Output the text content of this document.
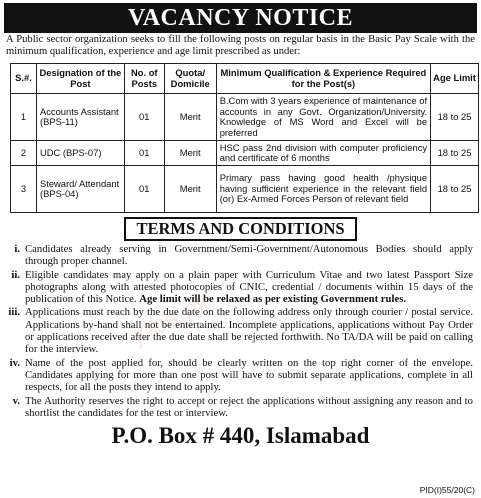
VACANCY NOTICE
A Public sector organization seeks to fill the following posts on regular basis in the Basic Pay Scale with the minimum qualification, experience and age limit prescribed as under:
S.#.	Designation of the Post	No. of Posts	Quota/ Domicile	Minimum Qualification & Experience Required for the Post(s)	Age Limit
1	Accounts Assistant (BPS-11)	01	Merit	B.Com with 3 years experience of maintenance of accounts in any Govt. Organization/University. Knowledge of MS Word and Excel will be preferred	18 to 25
2	UDC (BPS-07)	01	Merit	HSC pass 2nd division with computer proficiency and certificate of 6 months	18 to 25
3	Steward/ Attendant (BPS-04)	01	Merit	Primary pass having good health /physique having sufficient experience in the relevant field (or) Ex-Armed Forces Person of relevant field	18 to 25
TERMS AND CONDITIONS
i. Candidates already serving in Government/Semi-Government/Autonomous Bodies should apply through proper channel.
ii. Eligible candidates may apply on a plain paper with Curriculum Vitae and two latest Passport Size photographs along with attested photocopies of CNIC, credential / documents within 15 days of the publication of this Notice. Age limit will be relaxed as per existing Government rules.
iii. Applications must reach by the due date on the following address only through courier / postal service. Applications by-hand shall not be entertained. Incomplete applications, applications without Pay Order or applications received after the due date shall be rejected forthwith. No TA/DA will be paid on calling for the interview.
iv. Name of the post applied for, should be clearly written on the top right corner of the envelope. Candidates applying for more than one post will have to submit separate applications, complete in all respects, for all the posts they intend to apply.
v. The Authority reserves the right to accept or reject the applications without assigning any reason and to shortlist the candidates for the test or interview.
P.O. Box # 440, Islamabad
PID(I)55/20(C)
jobs.pk
